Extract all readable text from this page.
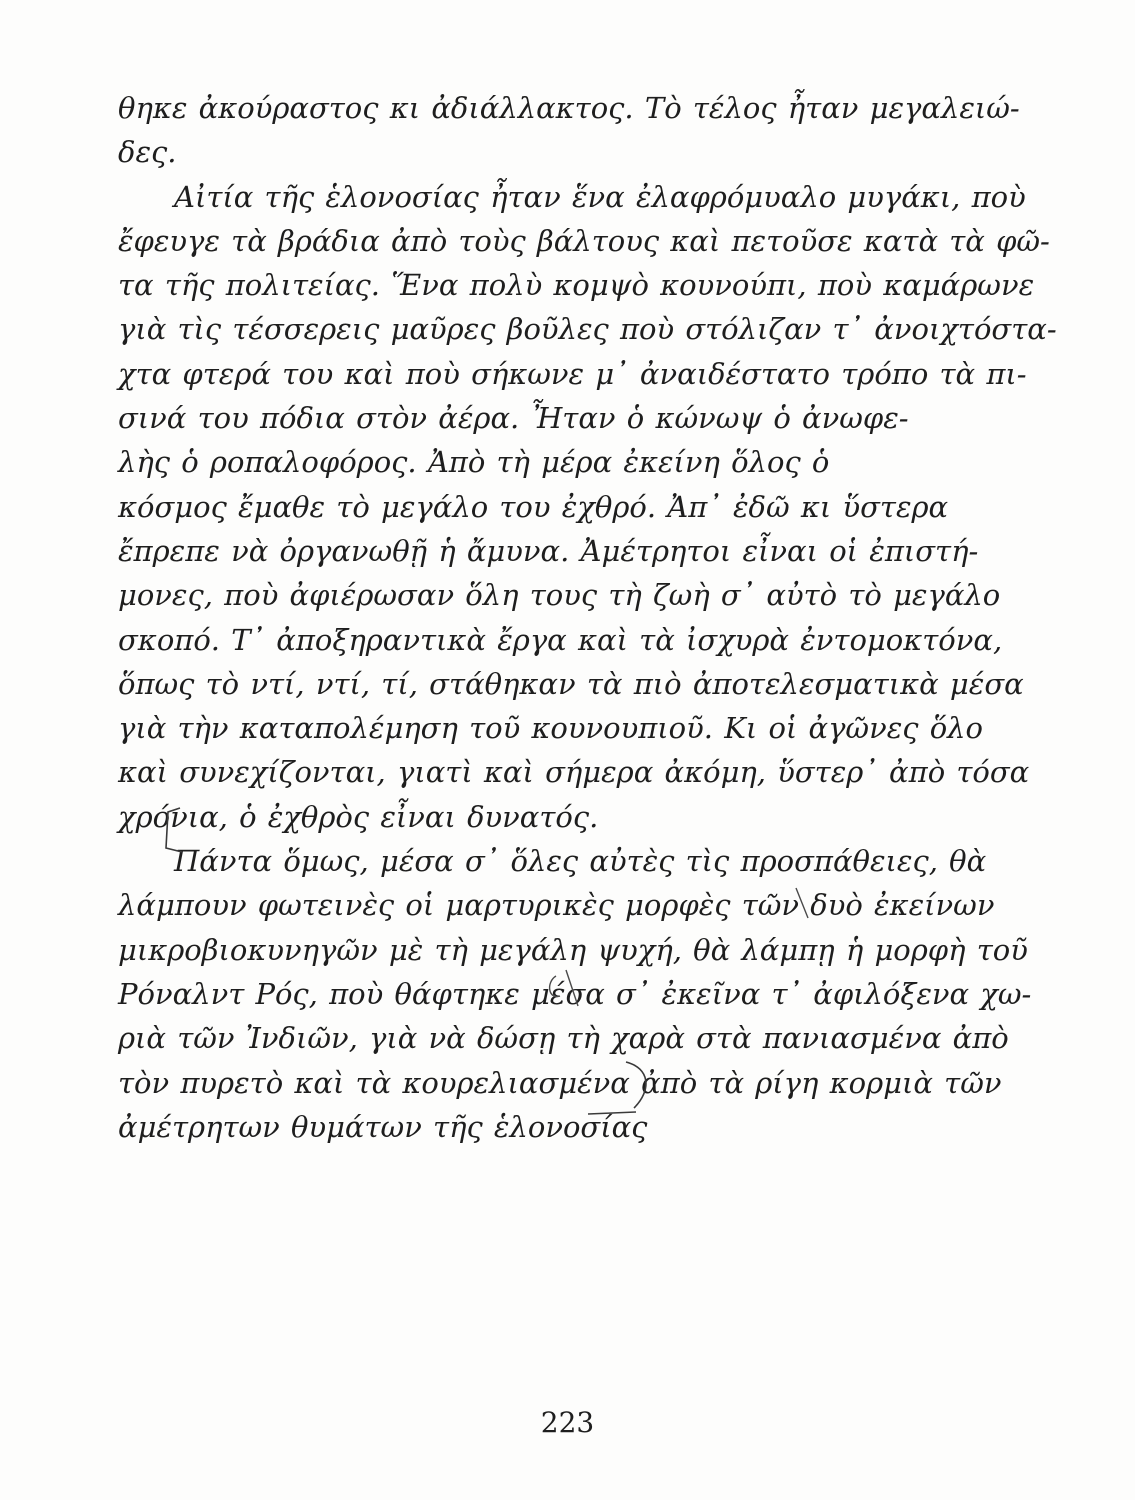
θηκε ἀκούραστος κι ἀδιάλλακτος. Τὸ τέλος ἦταν μεγαλειώ-
δες.
Αἰτία τῆς ἑλονοσίας ἦταν ἕνα ἐλαφρόμυαλο μυγάκι, ποὺ
ἔφευγε τὰ βράδια ἀπὸ τοὺς βάλτους καὶ πετοῦσε κατὰ τὰ φῶ-
τα τῆς πολιτείας. Ἕνα πολὺ κομψὸ κουνούπι, ποὺ καμάρωνε
γιὰ τὶς τέσσερεις μαῦρες βοῦλες ποὺ στόλιζαν τ᾽ ἀνοιχτόστα-
χτα φτερά του καὶ ποὺ σήκωνε μ᾽ ἀναιδέστατο τρόπο τὰ πι-
σινά του πόδια στὸν ἀέρα. Ἦταν ὁ κώνωψ ὁ ἀνωφε-
λὴς ὁ ροπαλοφόρος. Ἀπὸ τὴ μέρα ἐκείνη ὅλος ὁ
κόσμος ἔμαθε τὸ μεγάλο του ἐχθρό. Ἀπ᾽ ἐδῶ κι ὕστερα
ἔπρεπε νὰ ὀργανωθῇ ἡ ἄμυνα. Ἀμέτρητοι εἶναι οἱ ἐπιστή-
μονες, ποὺ ἀφιέρωσαν ὅλη τους τὴ ζωὴ σ᾽ αὐτὸ τὸ μεγάλο
σκοπό. Τ᾽ ἀποξηραντικὰ ἔργα καὶ τὰ ἰσχυρὰ ἐντομοκτόνα,
ὅπως τὸ ντί, ντί, τί, στάθηκαν τὰ πιὸ ἀποτελεσματικὰ μέσα
γιὰ τὴν καταπολέμηση τοῦ κουνουπιοῦ. Κι οἱ ἀγῶνες ὅλο
καὶ συνεχίζονται, γιατὶ καὶ σήμερα ἀκόμη, ὕστερ᾽ ἀπὸ τόσα
χρόνια, ὁ ἐχθρὸς εἶναι δυνατός.
Πάντα ὅμως, μέσα σ᾽ ὅλες αὐτὲς τὶς προσπάθειες, θὰ
λάμπουν φωτεινὲς οἱ μαρτυρικὲς μορφὲς τῶν δυὸ ἐκείνων
μικροβιοκυνηγῶν μὲ τὴ μεγάλη ψυχή, θὰ λάμπῃ ἡ μορφὴ τοῦ
Ρόναλντ Ρός, ποὺ θάφτηκε μέσα σ᾽ ἐκεῖνα τ᾽ ἀφιλόξενα χω-
ριὰ τῶν Ἰνδιῶν, γιὰ νὰ δώσῃ τὴ χαρὰ στὰ πανιασμένα ἀπὸ
τὸν πυρετὸ καὶ τὰ κουρελιασμένα ἀπὸ τὰ ρίγη κορμιὰ τῶν
ἀμέτρητων θυμάτων τῆς ἑλονοσίας
223
